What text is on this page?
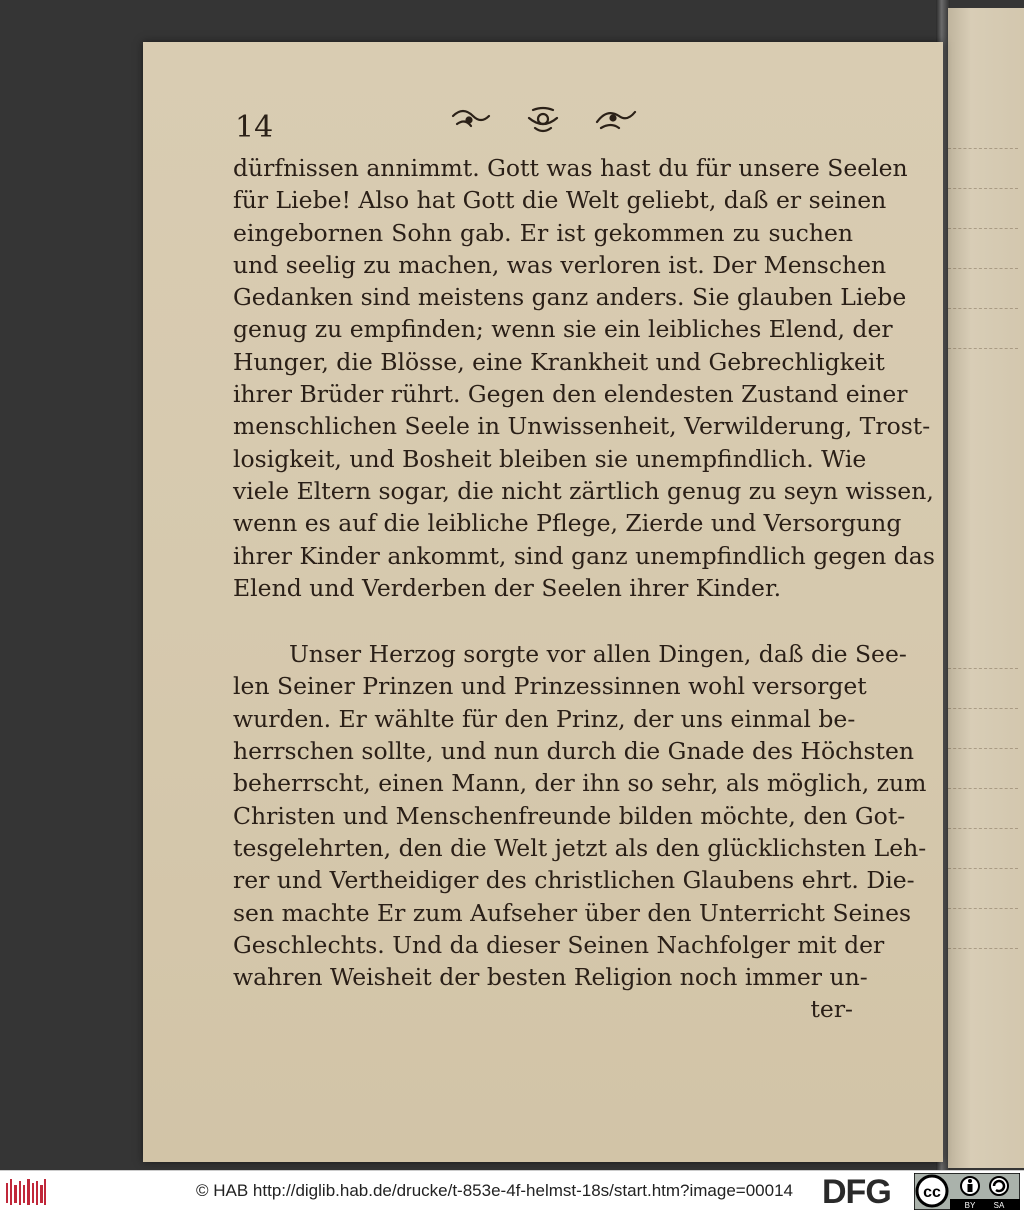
14
dürfnissen annimmt. Gott was hast du für unsere Seelen
für Liebe! Also hat Gott die Welt geliebt, daß er seinen
eingebornen Sohn gab. Er ist gekommen zu suchen
und seelig zu machen, was verloren ist. Der Menschen
Gedanken sind meistens ganz anders. Sie glauben Liebe
genug zu empfinden; wenn sie ein leibliches Elend, der
Hunger, die Blösse, eine Krankheit und Gebrechligkeit
ihrer Brüder rührt. Gegen den elendesten Zustand einer
menschlichen Seele in Unwissenheit, Verwilderung, Trost-
losigkeit, und Bosheit bleiben sie unempfindlich. Wie
viele Eltern sogar, die nicht zärtlich genug zu seyn wissen,
wenn es auf die leibliche Pflege, Zierde und Versorgung
ihrer Kinder ankommt, sind ganz unempfindlich gegen das
Elend und Verderben der Seelen ihrer Kinder.
Unser Herzog sorgte vor allen Dingen, daß die See-
len Seiner Prinzen und Prinzessinnen wohl versorget
wurden. Er wählte für den Prinz, der uns einmal be-
herrschen sollte, und nun durch die Gnade des Höchsten
beherrscht, einen Mann, der ihn so sehr, als möglich, zum
Christen und Menschenfreunde bilden möchte, den Got-
tesgelehrten, den die Welt jetzt als den glücklichsten Leh-
rer und Vertheidiger des christlichen Glaubens ehrt. Die-
sen machte Er zum Aufseher über den Unterricht Seines
Geschlechts. Und da dieser Seinen Nachfolger mit der
wahren Weisheit der besten Religion noch immer un-
ter-
© HAB http://diglib.hab.de/drucke/t-853e-4f-helmst-18s/start.htm?image=00014 DFG	cc
BY SA
